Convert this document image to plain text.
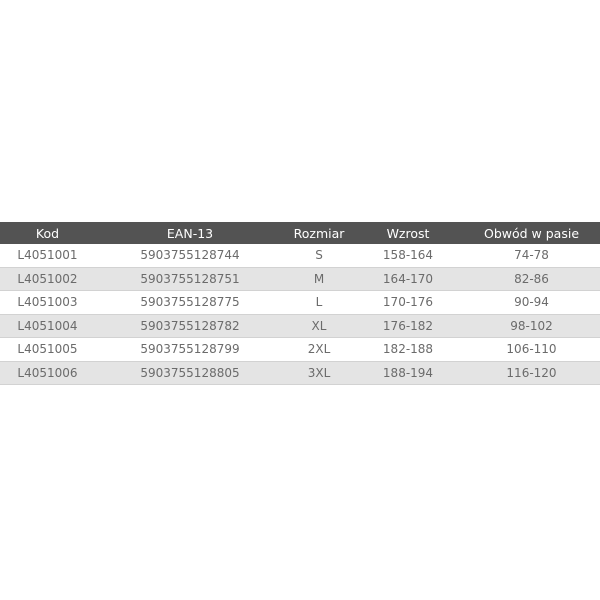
Kod	EAN-13	Rozmiar	Wzrost	Obwód w pasie
L4051001	5903755128744	S	158-164	74-78
L4051002	5903755128751	M	164-170	82-86
L4051003	5903755128775	L	170-176	90-94
L4051004	5903755128782	XL	176-182	98-102
L4051005	5903755128799	2XL	182-188	106-110
L4051006	5903755128805	3XL	188-194	116-120
